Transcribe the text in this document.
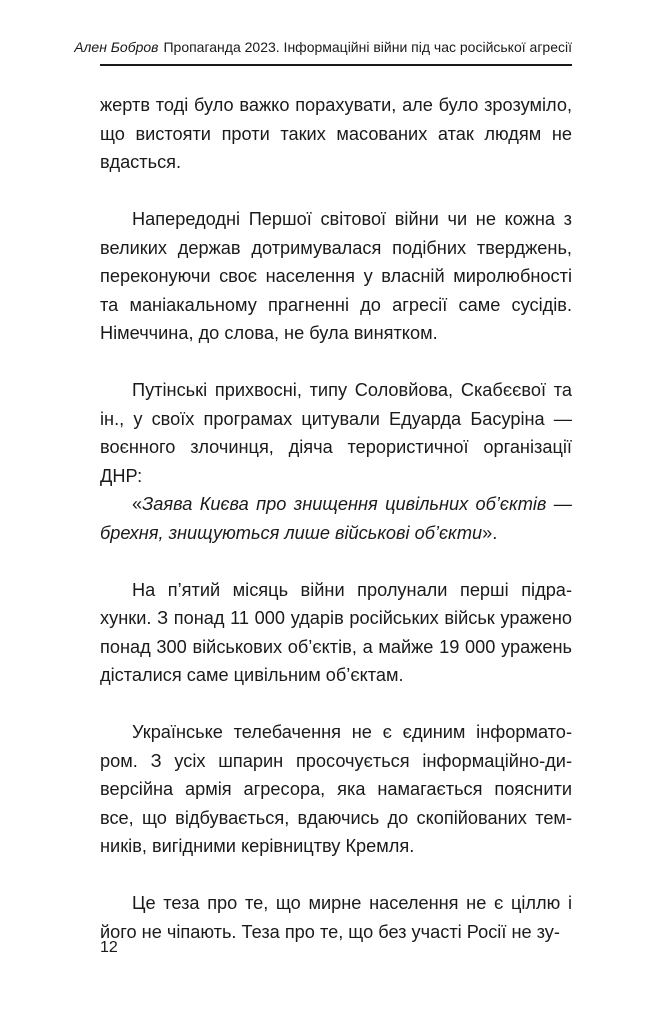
Ален Бобров Пропаганда 2023. Інформаційні війни під час російської агресії

жертв тоді було важко порахувати, але було зрозуміло, що вистояти проти таких масованих атак людям не вдасться.

Напередодні Першої світової війни чи не кожна з великих держав дотримувалася подібних тверджень, переконуючи своє населення у власній миролюбності та маніакальному прагненні до агресії саме сусідів. Німеччина, до слова, не була винятком.

Путінські прихвосні, типу Соловйова, Скабєєвої та ін., у своїх програмах цитували Едуарда Басуріна — воєнного злочинця, діяча терористичної організації ДНР:

«Заява Києва про знищення цивільних об’єктів — брехня, знищуються лише військові об’єкти».

На п’ятий місяць війни пролунали перші підрахунки. З понад 11 000 ударів російських військ уражено понад 300 військових об’єктів, а майже 19 000 уражень дісталися саме цивільним об’єктам.

Українське телебачення не є єдиним інформатором. З усіх шпарин просочується інформаційно-диверсійна армія агресора, яка намагається пояснити все, що відбувається, вдаючись до скопійованих темників, вигідними керівництву Кремля.

Це теза про те, що мирне населення не є ціллю і його не чіпають. Теза про те, що без участі Росії не зу-

12
